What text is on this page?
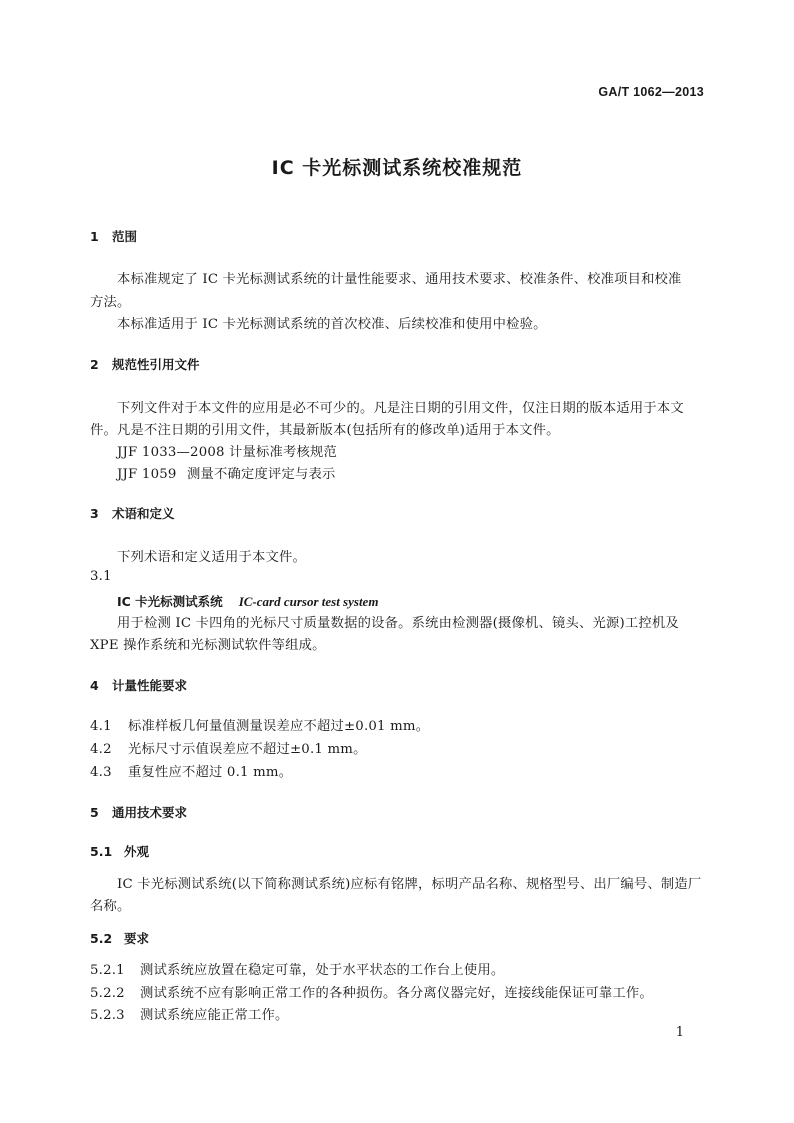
GA/T 1062—2013
IC 卡光标测试系统校准规范
1 范围
本标准规定了 IC 卡光标测试系统的计量性能要求、通用技术要求、校准条件、校准项目和校准
方法。
本标准适用于 IC 卡光标测试系统的首次校准、后续校准和使用中检验。
2 规范性引用文件
下列文件对于本文件的应用是必不可少的。凡是注日期的引用文件，仅注日期的版本适用于本文
件。凡是不注日期的引用文件，其最新版本(包括所有的修改单)适用于本文件。
JJF 1033—2008 计量标准考核规范
JJF 1059 测量不确定度评定与表示
3 术语和定义
下列术语和定义适用于本文件。
3.1
IC 卡光标测试系统 IC-card cursor test system
用于检测 IC 卡四角的光标尺寸质量数据的设备。系统由检测器(摄像机、镜头、光源)工控机及
XPE 操作系统和光标测试软件等组成。
4 计量性能要求
4.1 标准样板几何量值测量误差应不超过±0.01 mm。
4.2 光标尺寸示值误差应不超过±0.1 mm。
4.3 重复性应不超过 0.1 mm。
5 通用技术要求
5.1 外观
IC 卡光标测试系统(以下简称测试系统)应标有铭牌，标明产品名称、规格型号、出厂编号、制造厂
名称。
5.2 要求
5.2.1 测试系统应放置在稳定可靠，处于水平状态的工作台上使用。
5.2.2 测试系统不应有影响正常工作的各种损伤。各分离仪器完好，连接线能保证可靠工作。
5.2.3 测试系统应能正常工作。
1
